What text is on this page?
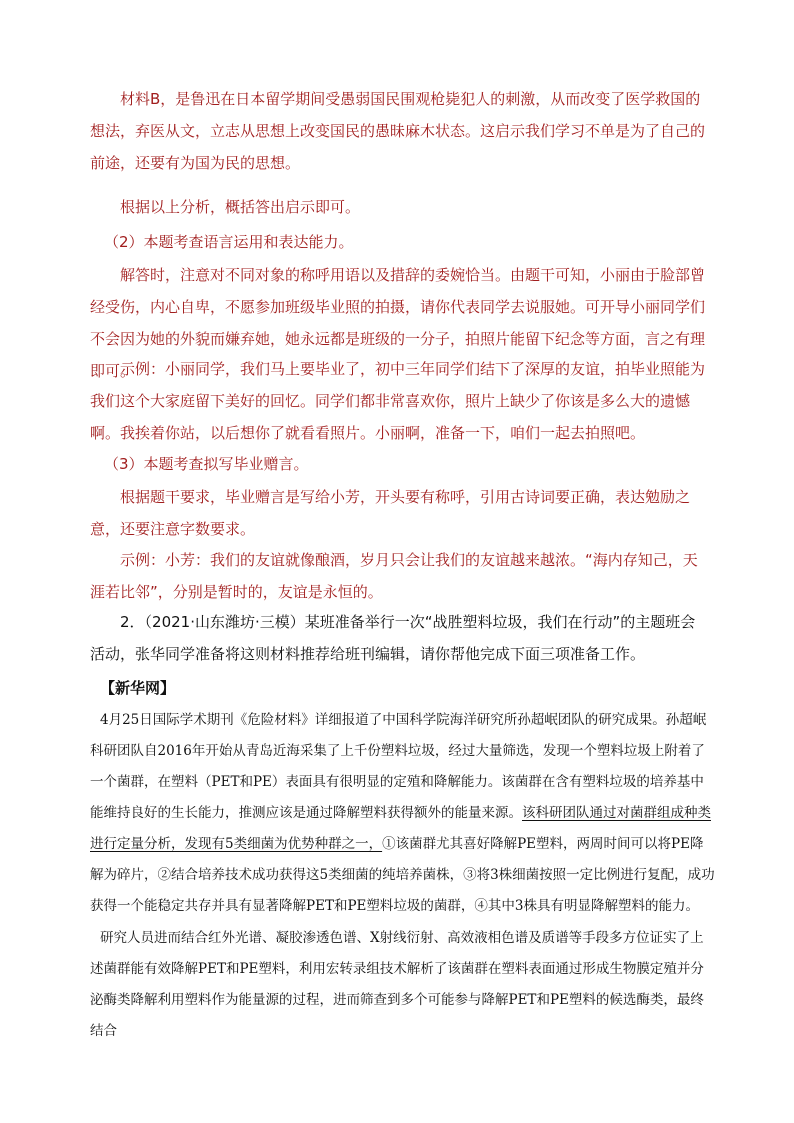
材料B，是鲁迅在日本留学期间受愚弱国民围观枪毙犯人的刺激，从而改变了医学救国的想法，弃医从文，立志从思想上改变国民的愚昧麻木状态。这启示我们学习不单是为了自己的前途，还要有为国为民的思想。

根据以上分析，概括答出启示即可。

（2）本题考查语言运用和表达能力。

解答时，注意对不同对象的称呼用语以及措辞的委婉恰当。由题干可知，小丽由于脸部曾经受伤，内心自卑，不愿参加班级毕业照的拍摄，请你代表同学去说服她。可开导小丽同学们不会因为她的外貌而嫌弃她，她永远都是班级的一分子，拍照片能留下纪念等方面，言之有理即可。

示例：小丽同学，我们马上要毕业了，初中三年同学们结下了深厚的友谊，拍毕业照能为我们这个大家庭留下美好的回忆。同学们都非常喜欢你，照片上缺少了你该是多么大的遗憾啊。我挨着你站，以后想你了就看看照片。小丽啊，准备一下，咱们一起去拍照吧。

（3）本题考查拟写毕业赠言。

根据题干要求，毕业赠言是写给小芳，开头要有称呼，引用古诗词要正确，表达勉励之意，还要注意字数要求。

示例：小芳：我们的友谊就像酿酒，岁月只会让我们的友谊越来越浓。“海内存知己，天涯若比邻”，分别是暂时的，友谊是永恒的。

2．（2021·山东潍坊·三模）某班准备举行一次“战胜塑料垃圾，我们在行动”的主题班会活动，张华同学准备将这则材料推荐给班刊编辑，请你帮他完成下面三项准备工作。

【新华网】

4月25日国际学术期刊《危险材料》详细报道了中国科学院海洋研究所孙超岷团队的研究成果。孙超岷科研团队自2016年开始从青岛近海采集了上千份塑料垃圾，经过大量筛选，发现一个塑料垃圾上附着了一个菌群，在塑料（PET和PE）表面具有很明显的定殖和降解能力。该菌群在含有塑料垃圾的培养基中能维持良好的生长能力，推测应该是通过降解塑料获得额外的能量来源。该科研团队通过对菌群组成种类进行定量分析，发现有5类细菌为优势种群之一，①该菌群尤其喜好降解PE塑料，两周时间可以将PE降解为碎片，②结合培养技术成功获得这5类细菌的纯培养菌株，③将3株细菌按照一定比例进行复配，成功获得一个能稳定共存并具有显著降解PET和PE塑料垃圾的菌群，④其中3株具有明显降解塑料的能力。

研究人员进而结合红外光谱、凝胶渗透色谱、X射线衍射、高效液相色谱及质谱等手段多方位证实了上述菌群能有效降解PET和PE塑料，利用宏转录组技术解析了该菌群在塑料表面通过形成生物膜定殖并分泌酶类降解利用塑料作为能量源的过程，进而筛查到多个可能参与降解PET和PE塑料的候选酶类，最终结合
